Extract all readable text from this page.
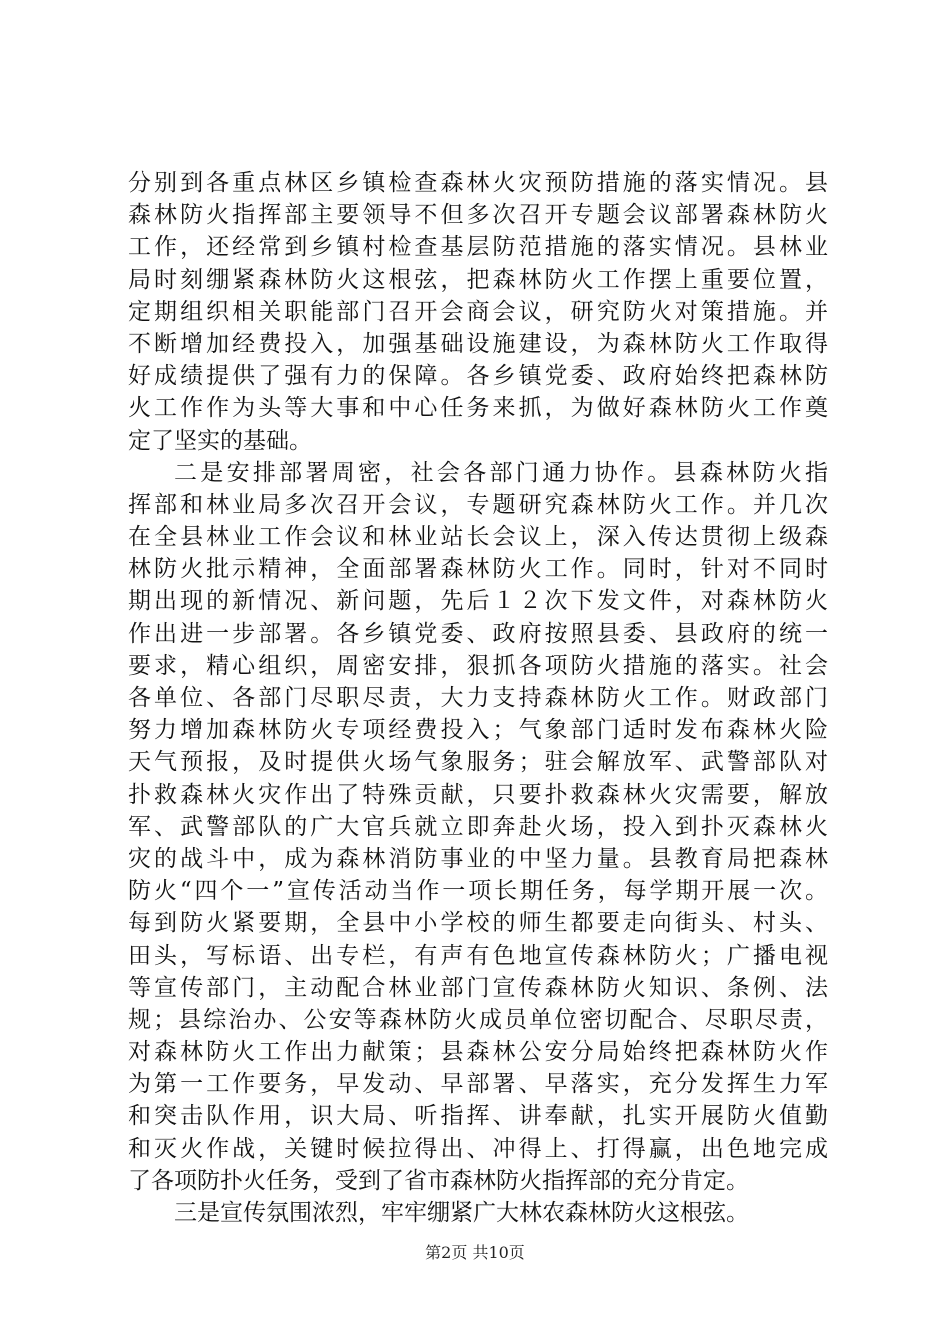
分别到各重点林区乡镇检查森林火灾预防措施的落实情况。县
森林防火指挥部主要领导不但多次召开专题会议部署森林防火
工作，还经常到乡镇村检查基层防范措施的落实情况。县林业
局时刻绷紧森林防火这根弦，把森林防火工作摆上重要位置，
定期组织相关职能部门召开会商会议，研究防火对策措施。并
不断增加经费投入，加强基础设施建设，为森林防火工作取得
好成绩提供了强有力的保障。各乡镇党委、政府始终把森林防
火工作作为头等大事和中心任务来抓，为做好森林防火工作奠
定了坚实的基础。
二是安排部署周密，社会各部门通力协作。县森林防火指
挥部和林业局多次召开会议，专题研究森林防火工作。并几次
在全县林业工作会议和林业站长会议上，深入传达贯彻上级森
林防火批示精神，全面部署森林防火工作。同时，针对不同时
期出现的新情况、新问题，先后１２次下发文件，对森林防火
作出进一步部署。各乡镇党委、政府按照县委、县政府的统一
要求，精心组织，周密安排，狠抓各项防火措施的落实。社会
各单位、各部门尽职尽责，大力支持森林防火工作。财政部门
努力增加森林防火专项经费投入；气象部门适时发布森林火险
天气预报，及时提供火场气象服务；驻会解放军、武警部队对
扑救森林火灾作出了特殊贡献，只要扑救森林火灾需要，解放
军、武警部队的广大官兵就立即奔赴火场，投入到扑灭森林火
灾的战斗中，成为森林消防事业的中坚力量。县教育局把森林
防火“四个一”宣传活动当作一项长期任务，每学期开展一次。
每到防火紧要期，全县中小学校的师生都要走向街头、村头、
田头，写标语、出专栏，有声有色地宣传森林防火；广播电视
等宣传部门，主动配合林业部门宣传森林防火知识、条例、法
规；县综治办、公安等森林防火成员单位密切配合、尽职尽责，
对森林防火工作出力献策；县森林公安分局始终把森林防火作
为第一工作要务，早发动、早部署、早落实，充分发挥生力军
和突击队作用，识大局、听指挥、讲奉献，扎实开展防火值勤
和灭火作战，关键时候拉得出、冲得上、打得赢，出色地完成
了各项防扑火任务，受到了省市森林防火指挥部的充分肯定。
三是宣传氛围浓烈，牢牢绷紧广大林农森林防火这根弦。
第2页 共10页
